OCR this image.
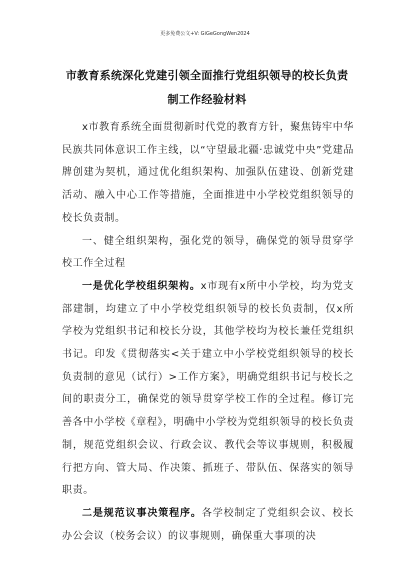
更多免费公文+V: GiGeGongWen2024
市教育系统深化党建引领全面推行党组织领导的校长负责
制工作经验材料

x市教育系统全面贯彻新时代党的教育方针，聚焦铸牢中华民族共同体意识工作主线，以“守望最北疆·忠诚党中央”党建品牌创建为契机，通过优化组织架构、加强队伍建设、创新党建活动、融入中心工作等措施，全面推进中小学校党组织领导的校长负责制。

一、健全组织架构，强化党的领导，确保党的领导贯穿学校工作全过程

一是优化学校组织架构。x市现有x所中小学校，均为党支部建制，均建立了中小学校党组织领导的校长负责制，仅x所学校为党组织书记和校长分设，其他学校均为校长兼任党组织书记。印发《贯彻落实<关于建立中小学校党组织领导的校长负责制的意见（试行）>工作方案》，明确党组织书记与校长之间的职责分工，确保党的领导贯穿学校工作的全过程。修订完善各中小学校《章程》，明确中小学校为党组织领导的校长负责制，规范党组织会议、行政会议、教代会等议事规则，积极履行把方向、管大局、作决策、抓班子、带队伍、保落实的领导职责。

二是规范议事决策程序。各学校制定了党组织会议、校长办公会议（校务会议）的议事规则，确保重大事项的决
